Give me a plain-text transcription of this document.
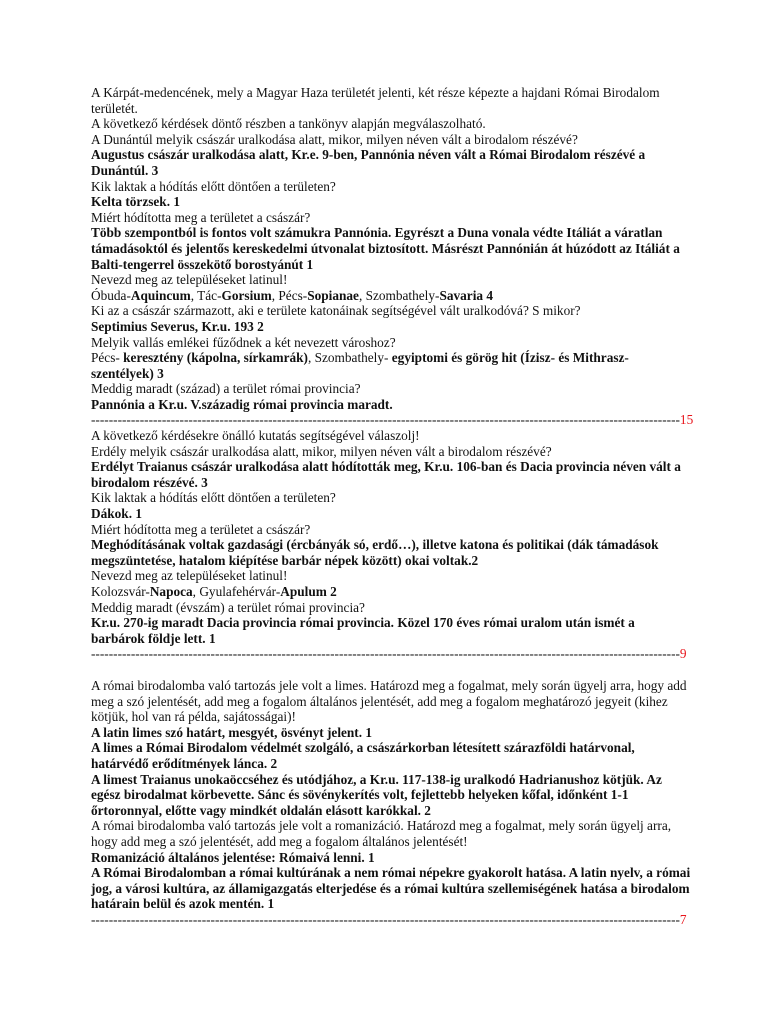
A Kárpát-medencének, mely a Magyar Haza területét jelenti, két része képezte a hajdani Római Birodalom területét.

A következő kérdések döntő részben a tankönyv alapján megválaszolható.

A Dunántúl melyik császár uralkodása alatt, mikor, milyen néven vált a birodalom részévé?

Augustus császár uralkodása alatt, Kr.e. 9-ben, Pannónia néven vált a Római Birodalom részévé a Dunántúl. 3

Kik laktak a hódítás előtt döntően a területen?

Kelta törzsek. 1

Miért hódította meg a területet a császár?

Több szempontból is fontos volt számukra Pannónia. Egyrészt a Duna vonala védte Itáliát a váratlan támadásoktól és jelentős kereskedelmi útvonalat biztosított. Másrészt Pannónián át húzódott az Itáliát a Balti-tengerrel összekötő borostyánút 1

Nevezd meg az településeket latinul!

Óbuda-Aquincum, Tác-Gorsium, Pécs-Sopianae, Szombathely-Savaria 4

Ki az a császár származott, aki e területe katonáinak segítségével vált uralkodóvá? S mikor?

Septimius Severus, Kr.u. 193 2

Melyik vallás emlékei fűződnek a két nevezett városhoz?

Pécs- keresztény (kápolna, sírkamrák), Szombathely- egyiptomi és görög hit (Ízisz- és Mithrasz-szentélyek) 3

Meddig maradt (század) a terület római provincia?

Pannónia a Kr.u. V.századig római provincia maradt.

-------------------------------------------------------------------------------------------------------------------------------------15

A következő kérdésekre önálló kutatás segítségével válaszolj!

Erdély melyik császár uralkodása alatt, mikor, milyen néven vált a birodalom részévé?

Erdélyt Traianus császár uralkodása alatt hódították meg, Kr.u. 106-ban és Dacia provincia néven vált a birodalom részévé. 3

Kik laktak a hódítás előtt döntően a területen?

Dákok. 1

Miért hódította meg a területet a császár?

Meghódításának voltak gazdasági (ércbányák só, erdő…), illetve katona és politikai (dák támadások megszüntetése, hatalom kiépítése barbár népek között) okai voltak.2

Nevezd meg az településeket latinul!

Kolozsvár-Napoca, Gyulafehérvár-Apulum 2

Meddig maradt (évszám) a terület római provincia?

Kr.u. 270-ig maradt Dacia provincia római provincia. Közel 170 éves római uralom után ismét a barbárok földje lett. 1

-------------------------------------------------------------------------------------------------------------------------------------9

A római birodalomba való tartozás jele volt a limes. Határozd meg a fogalmat, mely során ügyelj arra, hogy add meg a szó jelentését, add meg a fogalom általános jelentését, add meg a fogalom meghatározó jegyeit (kihez kötjük, hol van rá példa, sajátosságai)!

A latin limes szó határt, mesgyét, ösvényt jelent. 1

A limes a Római Birodalom védelmét szolgáló, a császárkorban létesített szárazföldi határvonal, határvédő erődítmények lánca. 2

A limest Traianus unokaöccséhez és utódjához, a Kr.u. 117-138-ig uralkodó Hadrianushoz kötjük. Az egész birodalmat körbevette. Sánc és sövénykerítés volt, fejlettebb helyeken kőfal, időnként 1-1 őrtoronnyal, előtte vagy mindkét oldalán elásott karókkal. 2

A római birodalomba való tartozás jele volt a romanizáció. Határozd meg a fogalmat, mely során ügyelj arra, hogy add meg a szó jelentését, add meg a fogalom általános jelentését!

Romanizáció általános jelentése: Rómaivá lenni. 1

A Római Birodalomban a római kultúrának a nem római népekre gyakorolt hatása. A latin nyelv, a római jog, a városi kultúra, az államigazgatás elterjedése és a római kultúra szellemiségének hatása a birodalom határain belül és azok mentén. 1

-------------------------------------------------------------------------------------------------------------------------------------7
